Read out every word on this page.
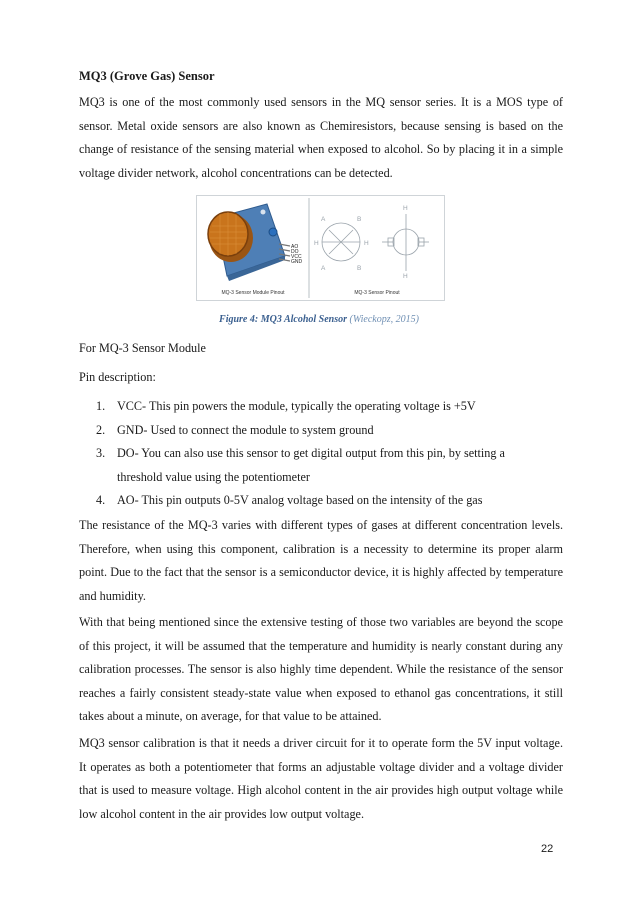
MQ3 (Grove Gas) Sensor

MQ3 is one of the most commonly used sensors in the MQ sensor series. It is a MOS type of sensor. Metal oxide sensors are also known as Chemiresistors, because sensing is based on the change of resistance of the sensing material when exposed to alcohol. So by placing it in a simple voltage divider network, alcohol concentrations can be detected.

AO
DO
VCC
GND
MQ-3 Sensor Module Pinout
A	B
H	H
A	B
H
H
MQ-3 Sensor Pinout
Figure 4: MQ3 Alcohol Sensor (Wieckopz, 2015)
For MQ-3 Sensor Module
Pin description:
1. VCC- This pin powers the module, typically the operating voltage is +5V
2. GND- Used to connect the module to system ground
3. DO- You can also use this sensor to get digital output from this pin, by setting a threshold value using the potentiometer
4. AO- This pin outputs 0-5V analog voltage based on the intensity of the gas

The resistance of the MQ-3 varies with different types of gases at different concentration levels. Therefore, when using this component, calibration is a necessity to determine its proper alarm point. Due to the fact that the sensor is a semiconductor device, it is highly affected by temperature and humidity.

With that being mentioned since the extensive testing of those two variables are beyond the scope of this project, it will be assumed that the temperature and humidity is nearly constant during any calibration processes. The sensor is also highly time dependent. While the resistance of the sensor reaches a fairly consistent steady-state value when exposed to ethanol gas concentrations, it still takes about a minute, on average, for that value to be attained.

MQ3 sensor calibration is that it needs a driver circuit for it to operate form the 5V input voltage. It operates as both a potentiometer that forms an adjustable voltage divider and a voltage divider that is used to measure voltage. High alcohol content in the air provides high output voltage while low alcohol content in the air provides low output voltage.

22
